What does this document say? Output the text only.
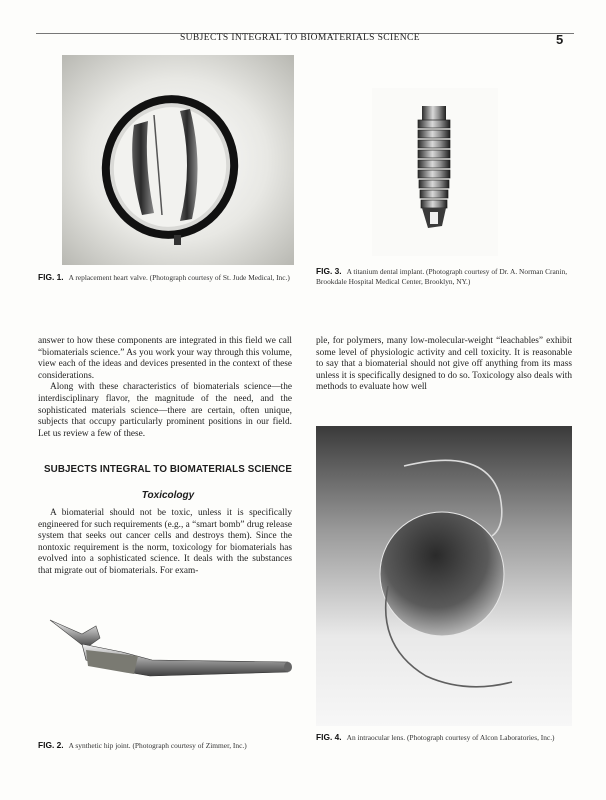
SUBJECTS INTEGRAL TO BIOMATERIALS SCIENCE	5
FIG. 1. A replacement heart valve. (Photograph courtesy of St. Jude Medical, Inc.)
FIG. 3. A titanium dental implant. (Photograph courtesy of Dr. A. Norman Cranin, Brookdale Hospital Medical Center, Brooklyn, NY.)

answer to how these components are integrated in this field we call “biomaterials science.” As you work your way through this volume, view each of the ideas and devices presented in the context of these considerations.

Along with these characteristics of biomaterials science—the interdisciplinary flavor, the magnitude of the need, and the sophisticated materials science—there are certain, often unique, subjects that occupy particularly prominent positions in our field. Let us review a few of these.

SUBJECTS INTEGRAL TO BIOMATERIALS SCIENCE
Toxicology

A biomaterial should not be toxic, unless it is specifically engineered for such requirements (e.g., a “smart bomb” drug release system that seeks out cancer cells and destroys them). Since the nontoxic requirement is the norm, toxicology for biomaterials has evolved into a sophisticated science. It deals with the substances that migrate out of biomaterials. For exam-

ple, for polymers, many low-molecular-weight “leachables” exhibit some level of physiologic activity and cell toxicity. It is reasonable to say that a biomaterial should not give off anything from its mass unless it is specifically designed to do so. Toxicology also deals with methods to evaluate how well

FIG. 4. An intraocular lens. (Photograph courtesy of Alcon Laboratories, Inc.)
FIG. 2. A synthetic hip joint. (Photograph courtesy of Zimmer, Inc.)
